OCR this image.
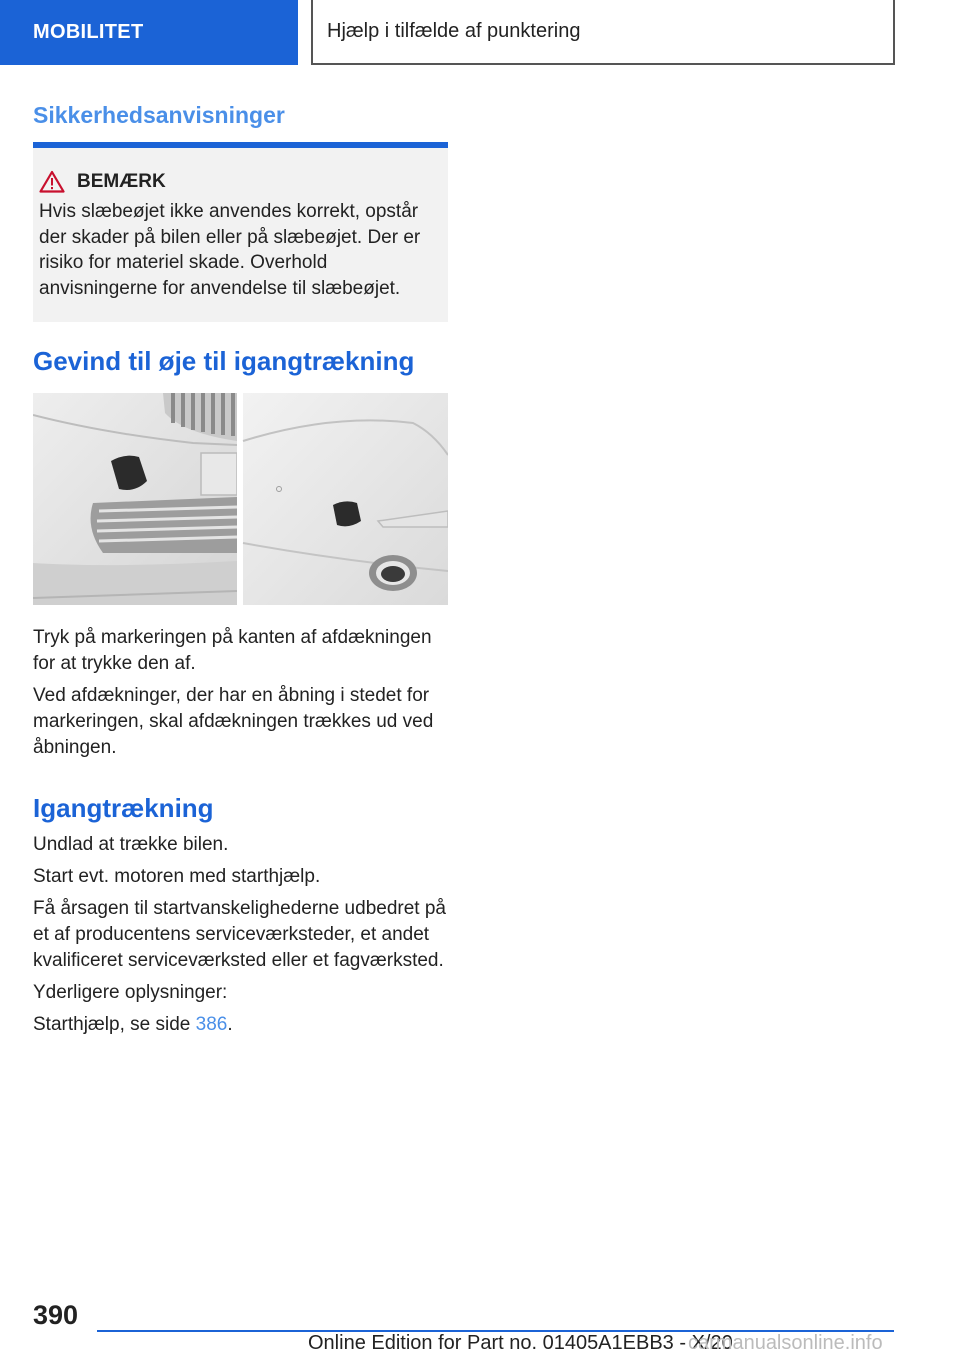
MOBILITET	Hjælp i tilfælde af punktering
Sikkerhedsanvisninger
BEMÆRK

Hvis slæbeøjet ikke anvendes korrekt, opstår der skader på bilen eller på slæbeøjet. Der er risiko for materiel skade. Overhold anvisningerne for anvendelse til slæbeøjet.

Gevind til øje til igangtrækning

Tryk på markeringen på kanten af afdækningen for at trykke den af.

Ved afdækninger, der har en åbning i stedet for markeringen, skal afdækningen trækkes ud ved åbningen.

Igangtrækning

Undlad at trække bilen.

Start evt. motoren med starthjælp.

Få årsagen til startvanskelighederne udbedret på et af producentens serviceværksteder, et andet kvalificeret serviceværksted eller et fagværksted.

Yderligere oplysninger:

Starthjælp, se side 386.

390
Online Edition for Part no. 01405A1EBB3 - X/20
carmanualsonline.info
